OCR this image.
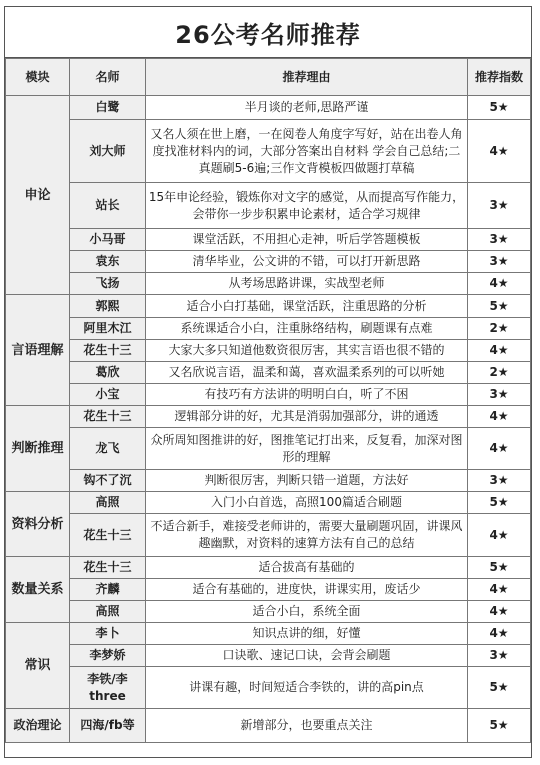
26公考名师推荐
模块	名师	推荐理由	推荐指数
申论	白鹭	半月谈的老师,思路严谨	5★
	刘大师	又名人须在世上磨，一在阅卷人角度字写好，站在出卷人角度找准材料内的词，大部分答案出自材料 学会自己总结;二真题刷5-6遍;三作文背模板四做题打草稿	4★
	站长	15年申论经验，锻炼你对文字的感觉，从而提高写作能力，会带你一步步积累申论素材，适合学习规律	3★
	小马哥	课堂活跃，不用担心走神，听后学答题模板	3★
	袁东	清华毕业，公文讲的不错，可以打开新思路	3★
	飞扬	从考场思路讲课，实战型老师	4★
言语理解	郭熙	适合小白打基础，课堂活跃，注重思路的分析	5★
	阿里木江	系统课适合小白，注重脉络结构，刷题课有点难	2★
	花生十三	大家大多只知道他数资很厉害，其实言语也很不错的	4★
	葛欣	又名欣说言语，温柔和蔼，喜欢温柔系列的可以听她	2★
	小宝	有技巧有方法讲的明明白白，听了不困	3★
判断推理	花生十三	逻辑部分讲的好，尤其是消弱加强部分，讲的通透	4★
	龙飞	众所周知图推讲的好，图推笔记打出来，反复看，加深对图形的理解	4★
	钩不了沉	判断很厉害，判断只错一道题，方法好	3★
资料分析	高照	入门小白首选，高照100篇适合刷题	5★
	花生十三	不适合新手，难接受老师讲的，需要大量刷题巩固，讲课风趣幽默，对资料的速算方法有自己的总结	4★
数量关系	花生十三	适合拔高有基础的	5★
	齐麟	适合有基础的，进度快，讲课实用，废话少	4★
	高照	适合小白，系统全面	4★
常识	李卜	知识点讲的细，好懂	4★
	李梦娇	口诀歌、速记口诀，会背会刷题	3★
	李铁/李three	讲课有趣，时间短适合李铁的，讲的高pin点	5★
政治理论	四海/fb等	新增部分，也要重点关注	5★
